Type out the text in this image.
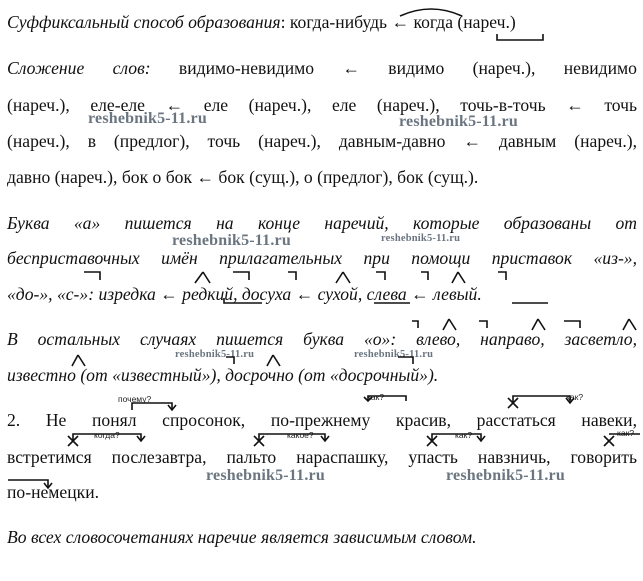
Суффиксальный способ образования: когда-нибудь ← когда (нареч.)
Сложение слов: видимо-невидимо ← видимо (нареч.), невидимо
(нареч.), еле-еле ← еле (нареч.), еле (нареч.), точь-в-точь ← точь
(нареч.), в (предлог), точь (нареч.), давным-давно ← давным (нареч.),
давно (нареч.), бок о бок ← бок (сущ.), о (предлог), бок (сущ.).
Буква «а» пишется на конце наречий, которые образованы от
бесприставочных имён прилагательных при помощи приставок «из-»,
«до-», «с-»: изредка ← редкий, досуха ← сухой, слева ← левый.
В остальных случаях пишется буква «о»: влево, направо, засветло,
известно (от «известный»), досрочно (от «досрочный»).
2. Не понял спросонок, по-прежнему красив, расстаться навеки,
встретимся послезавтра, пальто нараспашку, упасть навзничь, говорить
по-немецки.
Во всех словосочетаниях наречие является зависимым словом.
почему?	как?	как?
когда?	какое?	как?	как?
reshebnik5-11.ru	reshebnik5-11.ru
reshebnik5-11.ru	reshebnik5-11.ru
reshebnik5-11.ru	reshebnik5-11.ru
reshebnik5-11.ru	reshebnik5-11.ru
